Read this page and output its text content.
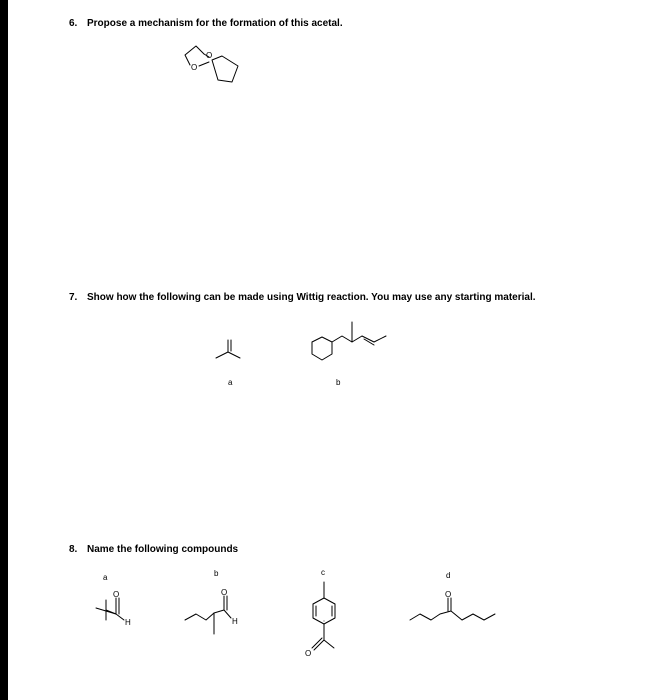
6. Propose a mechanism for the formation of this acetal.
7. Show how the following can be made using Wittig reaction. You may use any starting material.
8. Name the following compounds
a	b
a	b	c	d
O
O
O
H
O
H
O
O
